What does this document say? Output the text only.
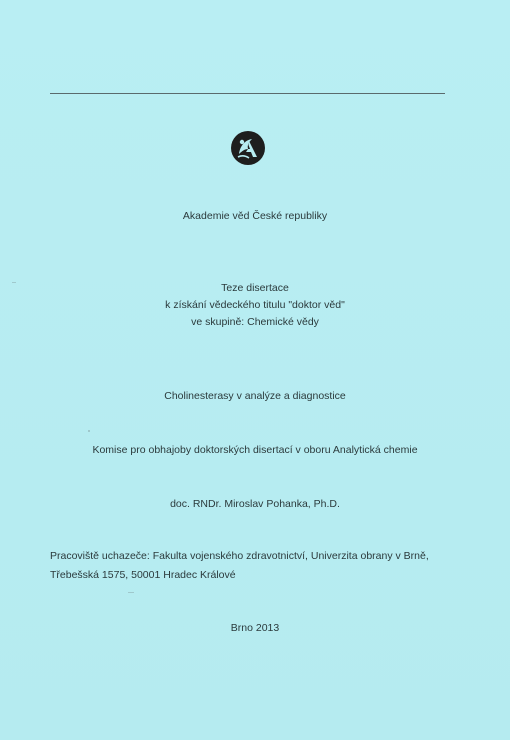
Akademie věd České republiky
Teze disertace
k získání vědeckého titulu "doktor věd"
ve skupině: Chemické vědy
Cholinesterasy v analýze a diagnostice
Komise pro obhajoby doktorských disertací v oboru Analytická chemie
doc. RNDr. Miroslav Pohanka, Ph.D.
Pracoviště uchazeče: Fakulta vojenského zdravotnictví, Univerzita obrany v Brně,
Třebešská 1575, 50001 Hradec Králové
Brno 2013
